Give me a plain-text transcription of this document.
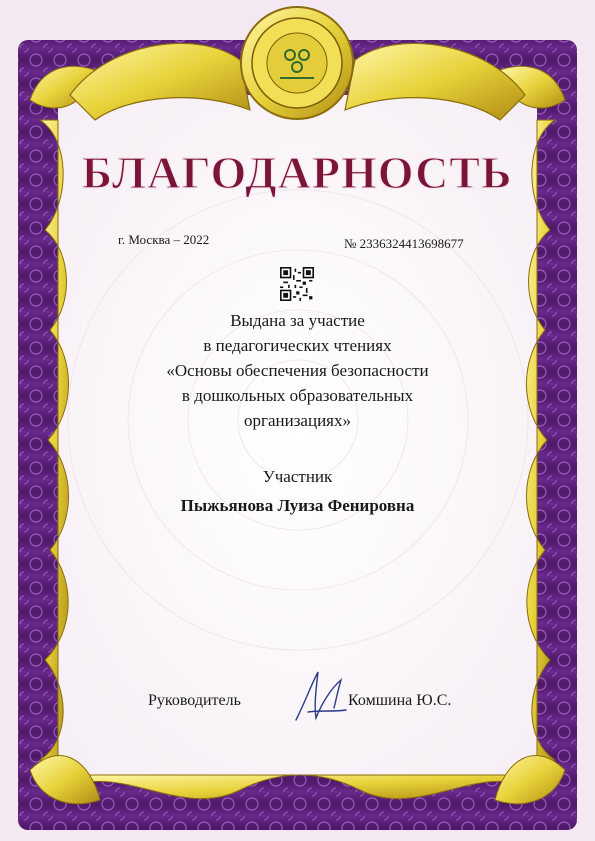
БЛАГОДАРНОСТЬ
г. Москва – 2022	№ 2336324413698677
Выдана за участие
в педагогических чтениях
«Основы обеспечения безопасности
в дошкольных образовательных
организациях»
Участник
Пыжьянова Луиза Фенировна
Руководитель	Комшина Ю.С.
